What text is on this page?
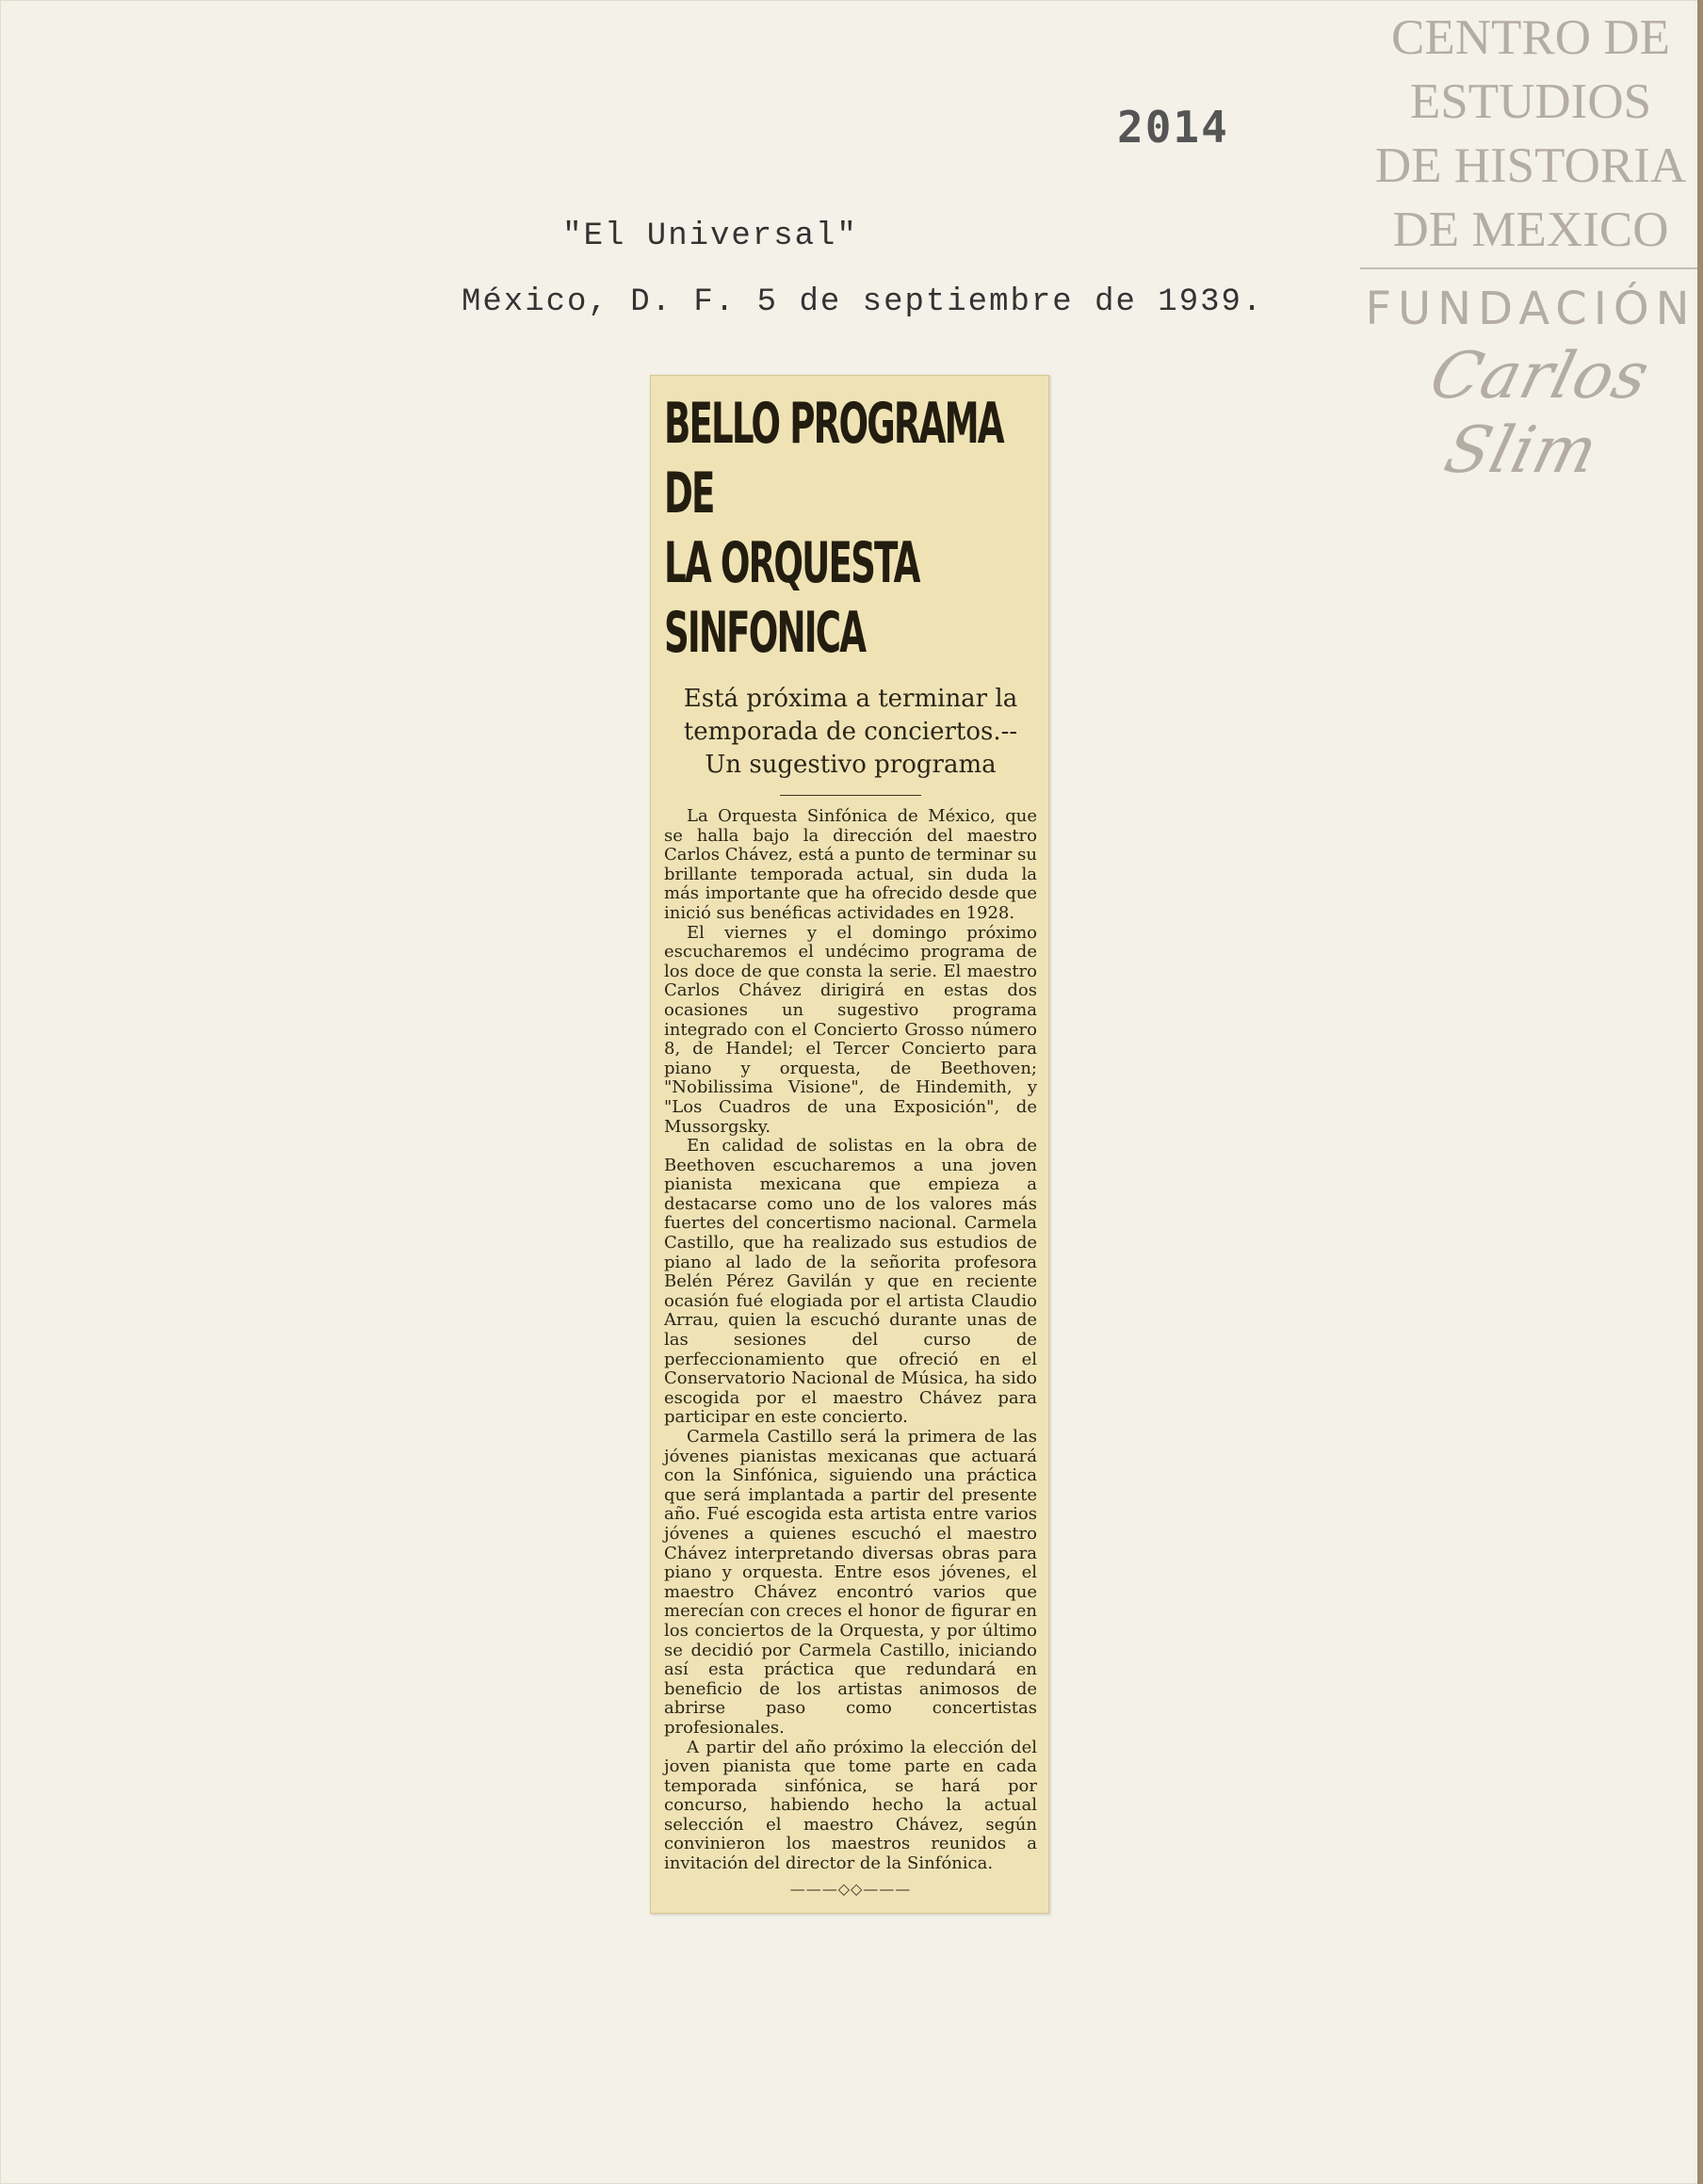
2014
CENTRO DE
ESTUDIOS
DE HISTORIA
DE MEXICO
FUNDACIÓN
Carlos Slim
"El Universal"
México, D. F. 5 de septiembre de 1939.
BELLO PROGRAMA DE
LA ORQUESTA SINFONICA
Está próxima a terminar la temporada de conciertos.-- Un sugestivo programa

La Orquesta Sinfónica de México, que se halla bajo la dirección del maestro Carlos Chávez, está a punto de terminar su brillante temporada actual, sin duda la más importante que ha ofrecido desde que inició sus benéficas actividades en 1928.

El viernes y el domingo próximo escucharemos el undécimo programa de los doce de que consta la serie. El maestro Carlos Chávez dirigirá en estas dos ocasiones un sugestivo programa integrado con el Concierto Grosso número 8, de Handel; el Tercer Concierto para piano y orquesta, de Beethoven; "Nobilissima Visione", de Hindemith, y "Los Cuadros de una Exposición", de Mussorgsky.

En calidad de solistas en la obra de Beethoven escucharemos a una joven pianista mexicana que empieza a destacarse como uno de los valores más fuertes del concertismo nacional. Carmela Castillo, que ha realizado sus estudios de piano al lado de la señorita profesora Belén Pérez Gavilán y que en reciente ocasión fué elogiada por el artista Claudio Arrau, quien la escuchó durante unas de las sesiones del curso de perfeccionamiento que ofreció en el Conservatorio Nacional de Música, ha sido escogida por el maestro Chávez para participar en este concierto.

Carmela Castillo será la primera de las jóvenes pianistas mexicanas que actuará con la Sinfónica, siguiendo una práctica que será implantada a partir del presente año. Fué escogida esta artista entre varios jóvenes a quienes escuchó el maestro Chávez interpretando diversas obras para piano y orquesta. Entre esos jóvenes, el maestro Chávez encontró varios que merecían con creces el honor de figurar en los conciertos de la Orquesta, y por último se decidió por Carmela Castillo, iniciando así esta práctica que redundará en beneficio de los artistas animosos de abrirse paso como concertistas profesionales.

A partir del año próximo la elección del joven pianista que tome parte en cada temporada sinfónica, se hará por concurso, habiendo hecho la actual selección el maestro Chávez, según convinieron los maestros reunidos a invitación del director de la Sinfónica.

———◇◇———
